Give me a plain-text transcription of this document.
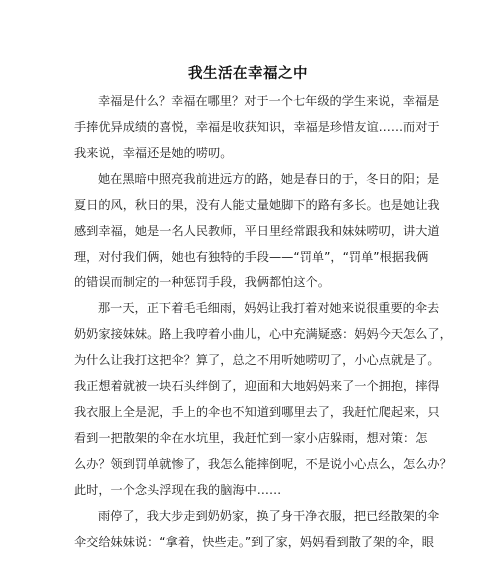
我生活在幸福之中
幸福是什么？幸福在哪里？对于一个七年级的学生来说，幸福是
手捧优异成绩的喜悦，幸福是收获知识，幸福是珍惜友谊……而对于
我来说，幸福还是她的唠叨。
她在黑暗中照亮我前进远方的路，她是春日的于，冬日的阳；是
夏日的风，秋日的果，没有人能丈量她脚下的路有多长。也是她让我
感到幸福，她是一名人民教师，平日里经常跟我和妹妹唠叨，讲大道
理，对付我们俩，她也有独特的手段——“罚单”，“罚单”根据我俩
的错误而制定的一种惩罚手段，我俩都怕这个。
那一天，正下着毛毛细雨，妈妈让我打着对她来说很重要的伞去
奶奶家接妹妹。路上我哼着小曲儿，心中充满疑惑：妈妈今天怎么了，
为什么让我打这把伞？算了，总之不用听她唠叨了，小心点就是了。
我正想着就被一块石头绊倒了，迎面和大地妈妈来了一个拥抱，摔得
我衣服上全是泥，手上的伞也不知道到哪里去了，我赶忙爬起来，只
看到一把散架的伞在水坑里，我赶忙到一家小店躲雨，想对策：怎
么办？领到罚单就惨了，我怎么能摔倒呢，不是说小心点么，怎么办？
此时，一个念头浮现在我的脑海中……
雨停了，我大步走到奶奶家，换了身干净衣服，把已经散架的伞
伞交给妹妹说：“拿着，快些走。”到了家，妈妈看到散了架的伞，眼
